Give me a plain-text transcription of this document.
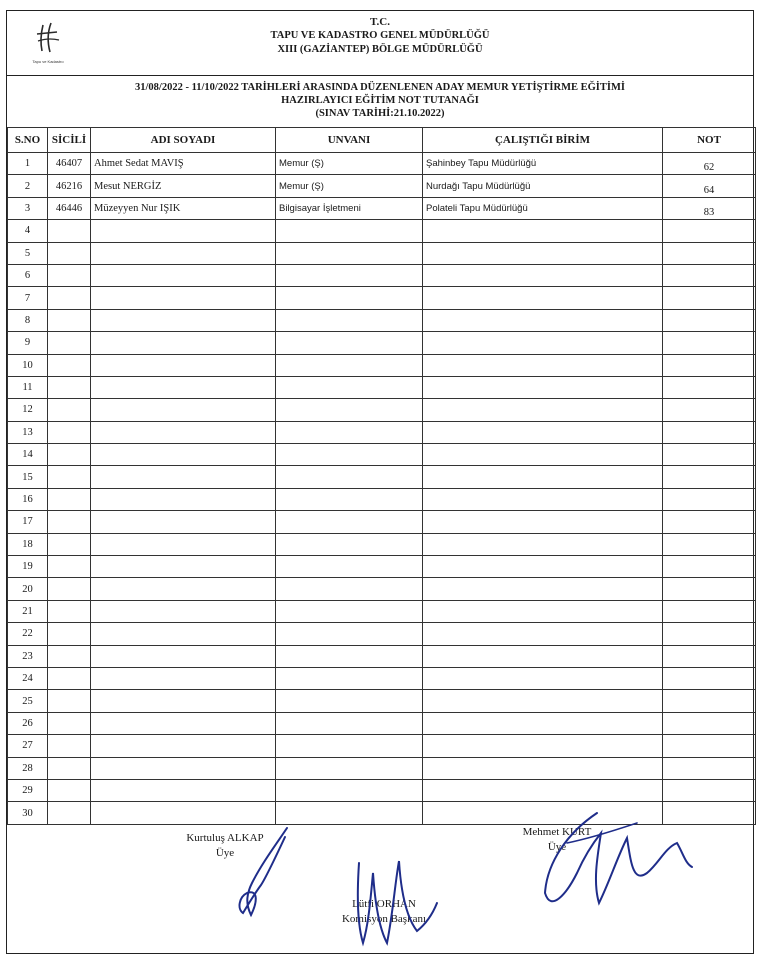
Tapu ve Kadastro
T.C.
TAPU VE KADASTRO GENEL MÜDÜRLÜĞÜ
XIII (GAZİANTEP) BÖLGE MÜDÜRLÜĞÜ
31/08/2022 - 11/10/2022 TARİHLERİ ARASINDA DÜZENLENEN ADAY MEMUR YETİŞTİRME EĞİTİMİ
HAZIRLAYICI EĞİTİM NOT TUTANAĞI
(SINAV TARİHİ:21.10.2022)
S.NO	SİCİLİ	ADI SOYADI	UNVANI	ÇALIŞTIĞI BİRİM	NOT
1	46407	Ahmet Sedat MAVIŞ	Memur (Ş)	Şahinbey Tapu Müdürlüğü	62
2	46216	Mesut NERGİZ	Memur (Ş)	Nurdağı Tapu Müdürlüğü	64
3	46446	Müzeyyen Nur IŞIK	Bilgisayar İşletmeni	Polateli Tapu Müdürlüğü	83
4					
5					
6					
7					
8					
9					
10					
11					
12					
13					
14					
15					
16					
17					
18					
19					
20					
21					
22					
23					
24					
25					
26					
27					
28					
29					
30					
Kurtuluş ALKAP
Üye
Mehmet KURT
Üye
Lütfi ORHAN
Komisyon Başkanı
